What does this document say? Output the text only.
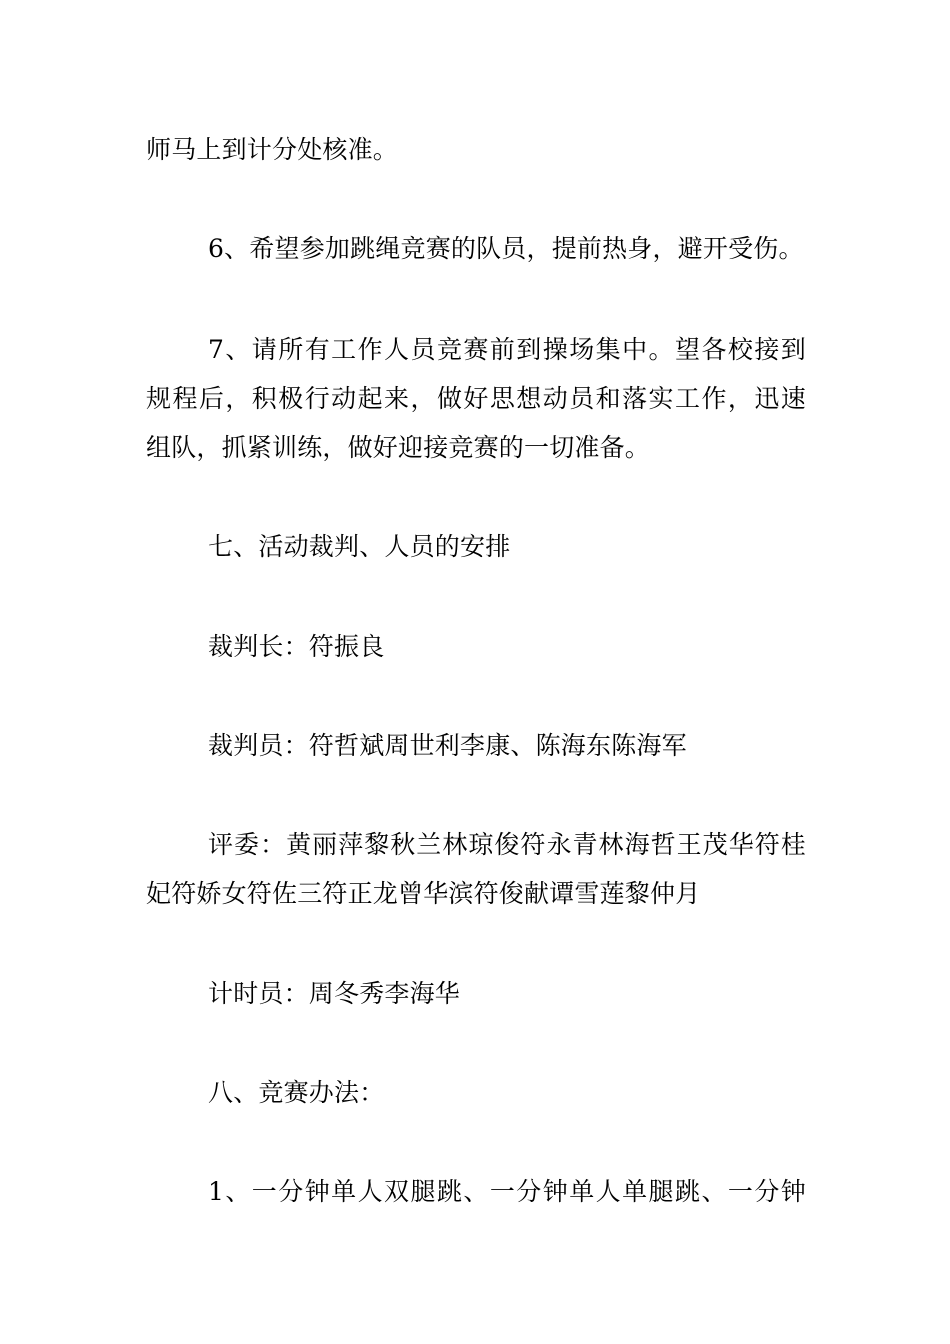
师马上到计分处核准。
6、希望参加跳绳竞赛的队员，提前热身，避开受伤。
7、请所有工作人员竞赛前到操场集中。望各校接到
规程后，积极行动起来，做好思想动员和落实工作，迅速
组队，抓紧训练，做好迎接竞赛的一切准备。
七、活动裁判、人员的安排
裁判长：符振良
裁判员：符哲斌周世利李康、陈海东陈海军
评委：黄丽萍黎秋兰林琼俊符永青林海哲王茂华符桂
妃符娇女符佐三符正龙曾华滨符俊献谭雪莲黎仲月
计时员：周冬秀李海华
八、竞赛办法：
1、一分钟单人双腿跳、一分钟单人单腿跳、一分钟
